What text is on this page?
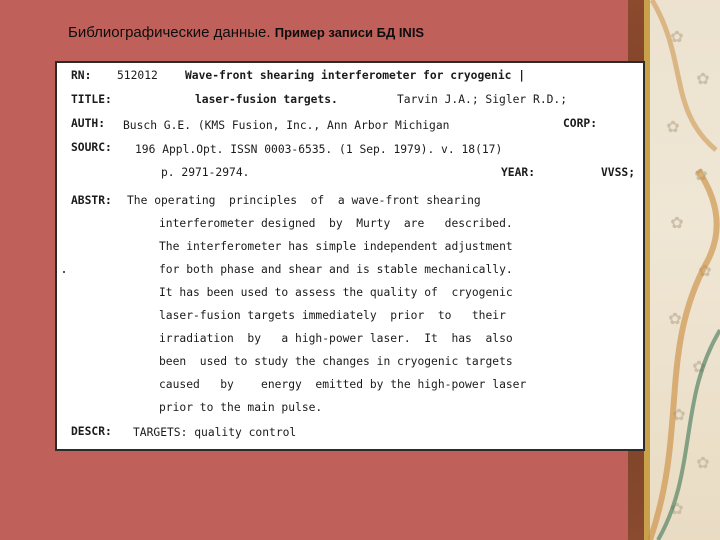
✿
✿
✿
✿
✿
✿
✿
✿
✿
✿
✿
Библиографические данные. Пример записи БД INIS
RN: 512012 Wave-front shearing interferometer for cryogenic |
TITLE:	laser-fusion targets.	Tarvin J.A.; Sigler R.D.;
AUTH: Busch G.E. (KMS Fusion, Inc., Ann Arbor Michigan	CORP:
SOURC: 196 Appl.Opt. ISSN 0003-6535. (1 Sep. 1979). v. 18(17)
p. 2971-2974.	YEAR:	VVSS;
ABSTR: The operating  principles  of  a wave-front shearing
interferometer designed  by  Murty  are   described.
The interferometer has simple independent adjustment
for both phase and shear and is stable mechanically.
It has been used to assess the quality of  cryogenic
laser-fusion targets immediately  prior  to   their
irradiation  by   a high-power laser.  It  has  also
been  used to study the changes in cryogenic targets
caused   by    energy  emitted by the high-power laser
prior to the main pulse.
DESCR: TARGETS: quality control
